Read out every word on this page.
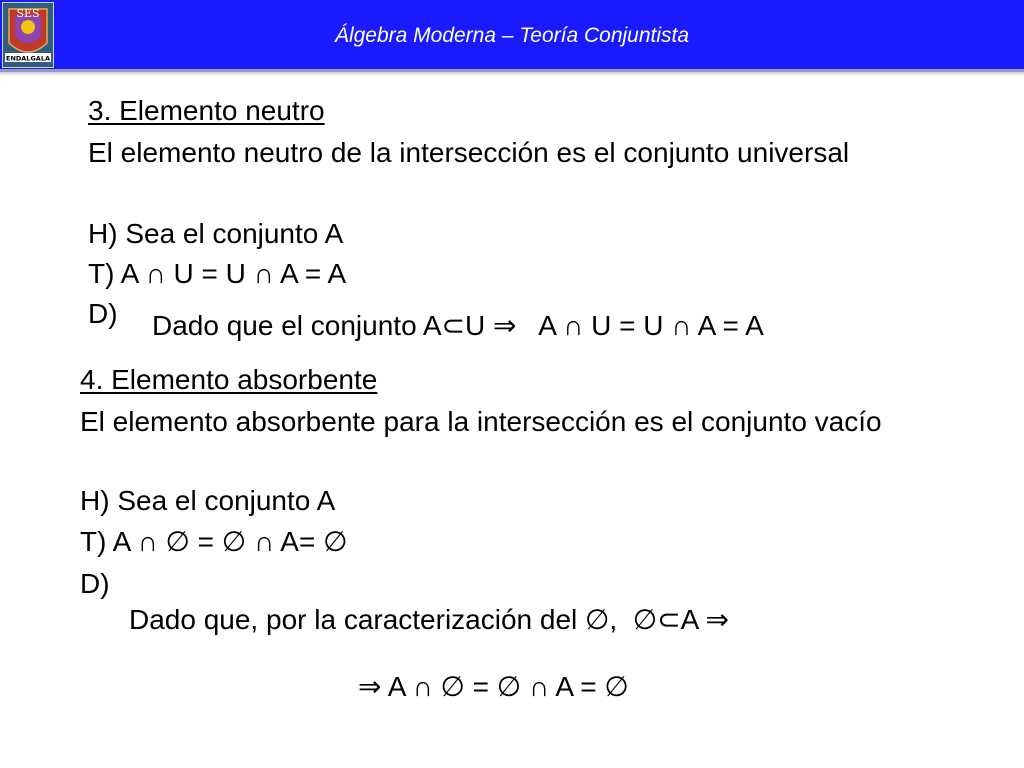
SES
ENDALGALA
Álgebra Moderna – Teoría Conjuntista
3. Elemento neutro
El elemento neutro de la intersección es el conjunto universal
H) Sea el conjunto A
T) A ∩ U = U ∩ A = A
D) Dado que el conjunto A⊂U ⇒   A ∩ U = U ∩ A = A
4. Elemento absorbente
El elemento absorbente para la intersección es el conjunto vacío
H) Sea el conjunto A
T) A ∩ ∅ = ∅ ∩ A= ∅
D)
Dado que, por la caracterización del ∅,  ∅⊂A ⇒
⇒ A ∩ ∅ = ∅ ∩ A = ∅
